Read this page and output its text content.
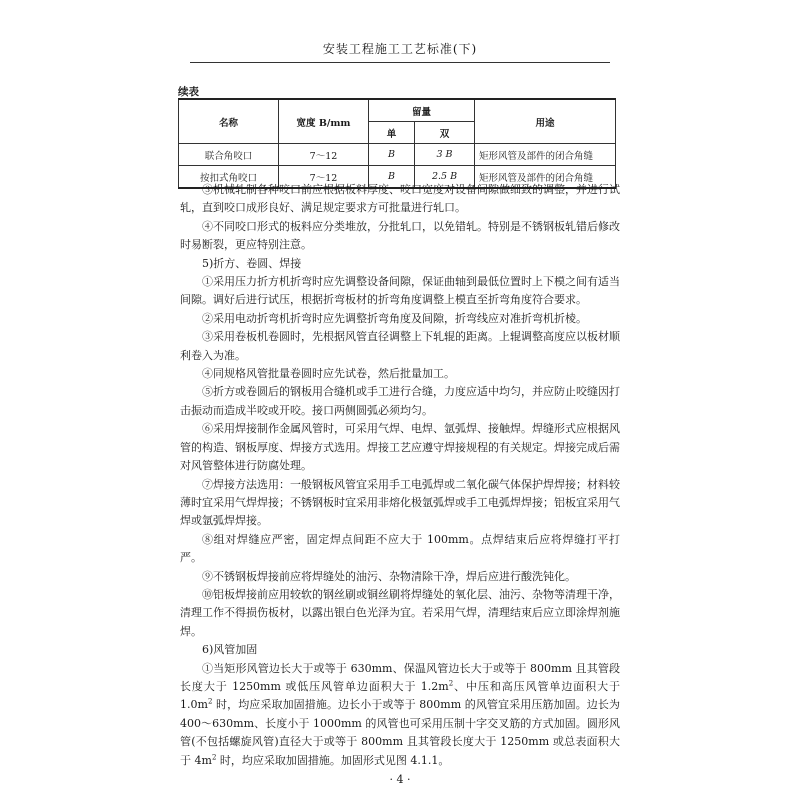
安装工程施工工艺标准(下)
续表
名称	宽度 B/mm	留量		用途
		单	双	
联合角咬口	7～12	B	3 B	矩形风管及部件的闭合角缝
按扣式角咬口	7～12	B	2.5 B	矩形风管及部件的闭合角缝

③机械轧制各种咬口前应根据板料厚度、咬口宽度对设备间隙做细致的调整，并进行试轧，直到咬口成形良好、满足规定要求方可批量进行轧口。

④不同咬口形式的板料应分类堆放，分批轧口，以免错轧。特别是不锈钢板轧错后修改时易断裂，更应特别注意。

5)折方、卷圆、焊接

①采用压力折方机折弯时应先调整设备间隙，保证曲轴到最低位置时上下模之间有适当间隙。调好后进行试压，根据折弯板材的折弯角度调整上模直至折弯角度符合要求。

②采用电动折弯机折弯时应先调整折弯角度及间隙，折弯线应对准折弯机折棱。

③采用卷板机卷圆时，先根据风管直径调整上下轧辊的距离。上辊调整高度应以板材顺利卷入为准。

④同规格风管批量卷圆时应先试卷，然后批量加工。

⑤折方或卷圆后的钢板用合缝机或手工进行合缝，力度应适中均匀，并应防止咬缝因打击振动而造成半咬或开咬。接口两侧圆弧必须均匀。

⑥采用焊接制作金属风管时，可采用气焊、电焊、氩弧焊、接触焊。焊缝形式应根据风管的构造、钢板厚度、焊接方式选用。焊接工艺应遵守焊接规程的有关规定。焊接完成后需对风管整体进行防腐处理。

⑦焊接方法选用：一般钢板风管宜采用手工电弧焊或二氧化碳气体保护焊焊接；材料较薄时宜采用气焊焊接；不锈钢板时宜采用非熔化极氩弧焊或手工电弧焊焊接；铝板宜采用气焊或氩弧焊焊接。

⑧组对焊缝应严密，固定焊点间距不应大于 100mm。点焊结束后应将焊缝打平打严。

⑨不锈钢板焊接前应将焊缝处的油污、杂物清除干净，焊后应进行酸洗钝化。

⑩铝板焊接前应用较软的钢丝刷或铜丝刷将焊缝处的氧化层、油污、杂物等清理干净，清理工作不得损伤板材，以露出银白色光泽为宜。若采用气焊，清理结束后应立即涂焊剂施焊。

6)风管加固

①当矩形风管边长大于或等于 630mm、保温风管边长大于或等于 800mm 且其管段长度大于 1250mm 或低压风管单边面积大于 $1.2m^2$、中压和高压风管单边面积大于 $1.0m^2$ 时，均应采取加固措施。边长小于或等于 800mm 的风管宜采用压筋加固。边长为 400～630mm、长度小于 1000mm 的风管也可采用压制十字交叉筋的方式加固。圆形风管(不包括螺旋风管)直径大于或等于 800mm 且其管段长度大于 1250mm 或总表面积大于 $4m^2$ 时，均应采取加固措施。加固形式见图 4.1.1。

· 4 ·
